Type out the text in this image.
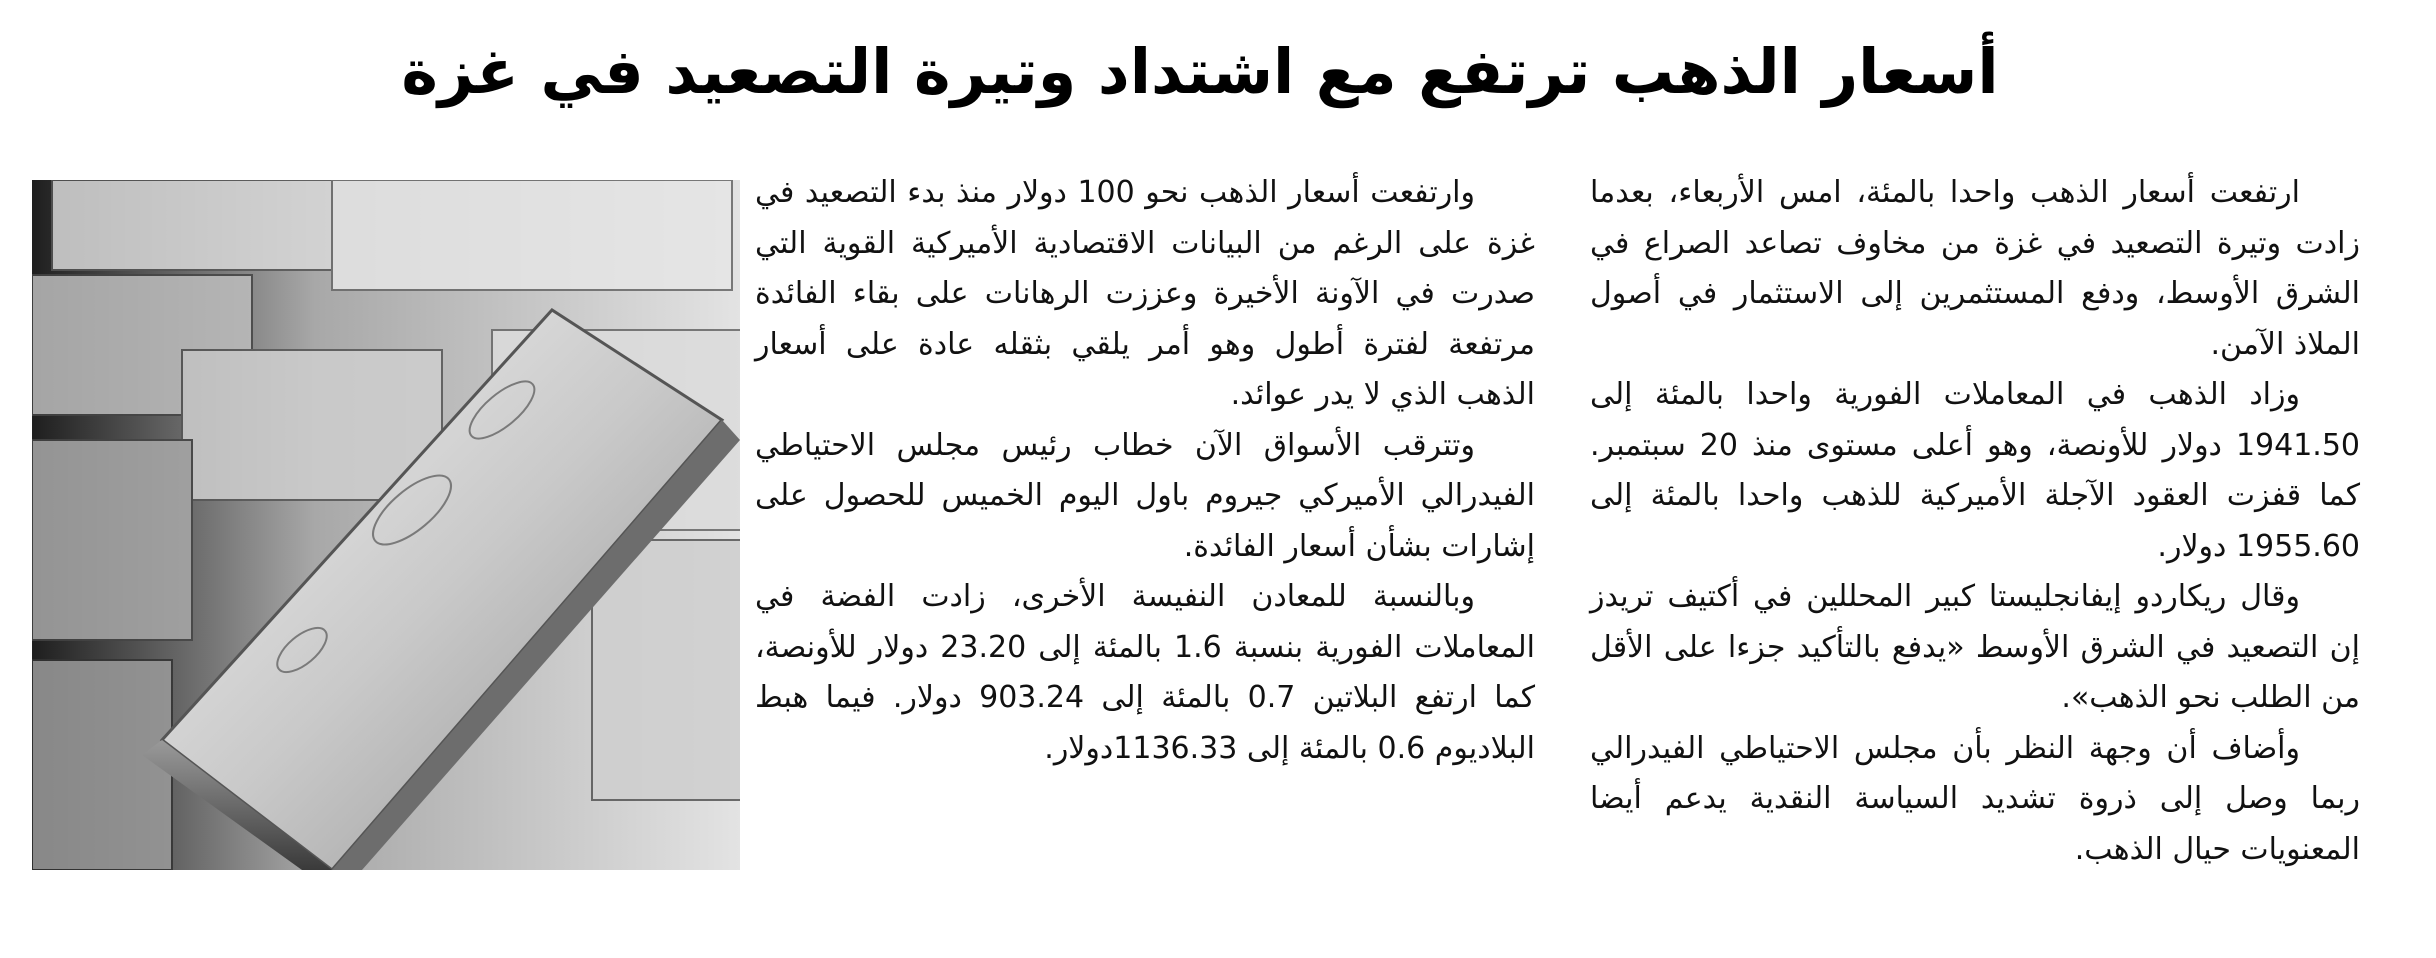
أسعار الذهب ترتفع مع اشتداد وتيرة التصعيد في غزة

ارتفعت أسعار الذهب واحدا بالمئة، امس الأربعاء، بعدما زادت وتيرة التصعيد في غزة من مخاوف تصاعد الصراع في الشرق الأوسط، ودفع المستثمرين إلى الاستثمار في أصول الملاذ الآمن.

وزاد الذهب في المعاملات الفورية واحدا بالمئة إلى 1941.50 دولار للأونصة، وهو أعلى مستوى منذ 20 سبتمبر. كما قفزت العقود الآجلة الأميركية للذهب واحدا بالمئة إلى 1955.60 دولار.

وقال ريكاردو إيفانجليستا كبير المحللين في أكتيف تريدز إن التصعيد في الشرق الأوسط «يدفع بالتأكيد جزءا على الأقل من الطلب نحو الذهب».

وأضاف أن وجهة النظر بأن مجلس الاحتياطي الفيدرالي ربما وصل إلى ذروة تشديد السياسة النقدية يدعم أيضا المعنويات حيال الذهب.

وارتفعت أسعار الذهب نحو 100 دولار منذ بدء التصعيد في غزة على الرغم من البيانات الاقتصادية الأميركية القوية التي صدرت في الآونة الأخيرة وعززت الرهانات على بقاء الفائدة مرتفعة لفترة أطول وهو أمر يلقي بثقله عادة على أسعار الذهب الذي لا يدر عوائد.

وتترقب الأسواق الآن خطاب رئيس مجلس الاحتياطي الفيدرالي الأميركي جيروم باول اليوم الخميس للحصول على إشارات بشأن أسعار الفائدة.

وبالنسبة للمعادن النفيسة الأخرى، زادت الفضة في المعاملات الفورية بنسبة 1.6 بالمئة إلى 23.20 دولار للأونصة، كما ارتفع البلاتين 0.7 بالمئة إلى 903.24 دولار. فيما هبط البلاديوم 0.6 بالمئة إلى 1136.33دولار.
